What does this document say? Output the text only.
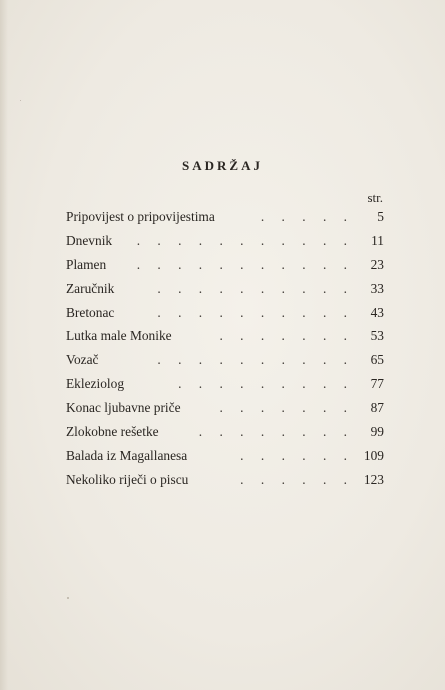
SADRŽAJ
str.
. . . . .
Pripovijest o pripovijestima	5
. . . . . . . . . . .
Dnevnik	11
. . . . . . . . . . .
Plamen	23
. . . . . . . . . .
Zaručnik	33
. . . . . . . . . .
Bretonac	43
. . . . . . .
Lutka male Monike	53
. . . . . . . . . .
Vozač	65
. . . . . . . . .
Ekleziolog	77
. . . . . . .
Konac ljubavne priče	87
. . . . . . . .
Zlokobne rešetke	99
. . . . . .
Balada iz Magallanesa	109
. . . . . .
Nekoliko riječi o piscu	123
